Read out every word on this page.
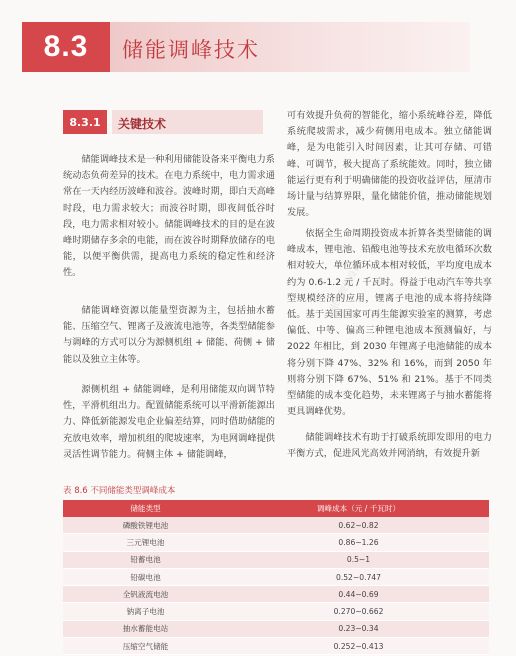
8.3	储能调峰技术
8.3.1	关键技术
储能调峰技术是一种利用储能设备来平衡电力系统动态负荷差异的技术。在电力系统中，电力需求通常在一天内经历波峰和波谷。波峰时期，即白天高峰时段，电力需求较大；而波谷时期，即夜间低谷时段，电力需求相对较小。储能调峰技术的目的是在波峰时期储存多余的电能，而在波谷时期释放储存的电能，以便平衡供需，提高电力系统的稳定性和经济性。
储能调峰资源以能量型资源为主，包括抽水蓄能、压缩空气、锂离子及液流电池等，各类型储能参与调峰的方式可以分为源侧机组 + 储能、荷侧 + 储能以及独立主体等。
源侧机组 + 储能调峰，是利用储能双向调节特性，平滑机组出力。配置储能系统可以平滑新能源出力、降低新能源发电企业偏差结算，同时借助储能的充放电效率，增加机组的爬坡速率，为电网调峰提供灵活性调节能力。荷侧主体 + 储能调峰，
可有效提升负荷的智能化，缩小系统峰谷差，降低系统爬坡需求，减少荷侧用电成本。独立储能调峰，是为电能引入时间因素，让其可存储、可错峰、可调节，极大提高了系统能效。同时，独立储能运行更有利于明确储能的投资收益评估，厘清市场计量与结算界限，量化储能价值，推动储能规划发展。
依据全生命周期投资成本折算各类型储能的调峰成本，锂电池、铅酸电池等技术充放电循环次数相对较大，单位循环成本相对较低，平均度电成本约为 0.6-1.2 元 / 千瓦时。得益于电动汽车等共享型规模经济的应用，锂离子电池的成本将持续降低。基于美国国家可再生能源实验室的测算，考虑偏低、中等、偏高三种锂电池成本预测偏好，与 2022 年相比，到 2030 年锂离子电池储能的成本将分别下降 47%、32% 和 16%，而到 2050 年则将分别下降 67%、51% 和 21%。基于不同类型储能的成本变化趋势，未来锂离子与抽水蓄能将更具调峰优势。
储能调峰技术有助于打破系统即发即用的电力平衡方式，促进风光高效并网消纳，有效提升新
电力规划设计
表 8.6 不同储能类型调峰成本
储能类型	调峰成本（元 / 千瓦时）
磷酸铁锂电池	0.62~0.82
三元锂电池	0.86~1.26
铅蓄电池	0.5~1
铅碳电池	0.52~0.747
全钒液流电池	0.44~0.69
钠离子电池	0.270~0.662
抽水蓄能电站	0.23~0.34
压缩空气储能	0.252~0.413
